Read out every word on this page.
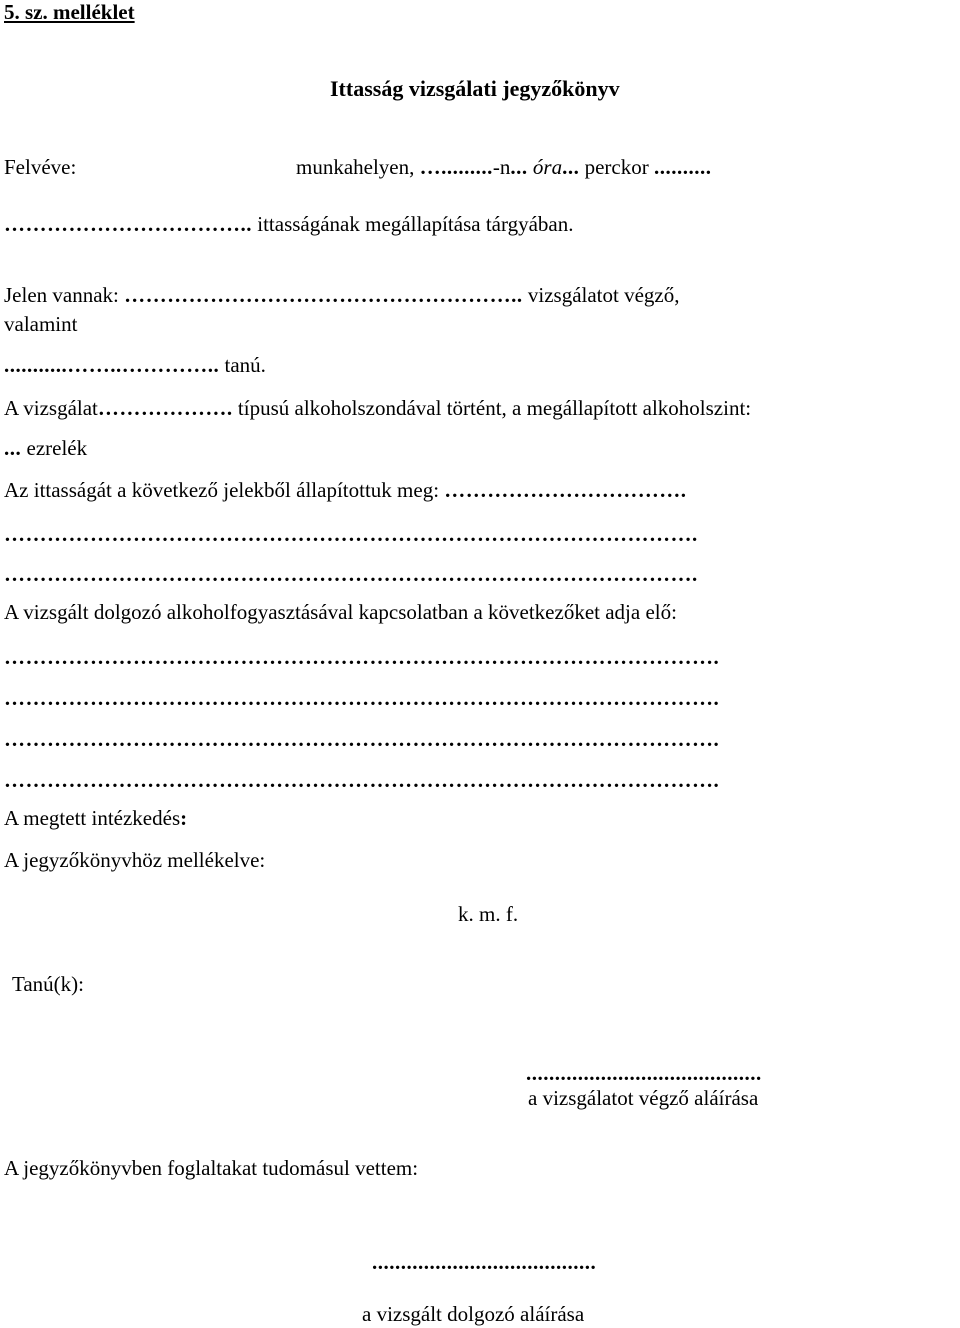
5. sz. melléklet
Ittasság vizsgálati jegyzőkönyv
Felvéve:	munkahelyen, ….........-n... óra... perckor ..........
…………………………….. ittasságának megállapítása tárgyában.
Jelen vannak: ……………………………………………….. vizsgálatot végző,
valamint
...........……..………….. tanú.
A vizsgálat………………. típusú alkoholszondával történt, a megállapított alkoholszint:
... ezrelék
Az ittasságát a következő jelekből állapítottuk meg: …………………………….
…………………………………………………………………………………….
…………………………………………………………………………………….
A vizsgált dolgozó alkoholfogyasztásával kapcsolatban a következőket adja elő:
……………………………………………………………………………………….
……………………………………………………………………………………….
……………………………………………………………………………………….
……………………………………………………………………………………….
A megtett intézkedés:
A jegyzőkönyvhöz mellékelve:
k. m. f.
Tanú(k):
.........................................
a vizsgálatot végző aláírása
A jegyzőkönyvben foglaltakat tudomásul vettem:
.......................................
a vizsgált dolgozó aláírása
